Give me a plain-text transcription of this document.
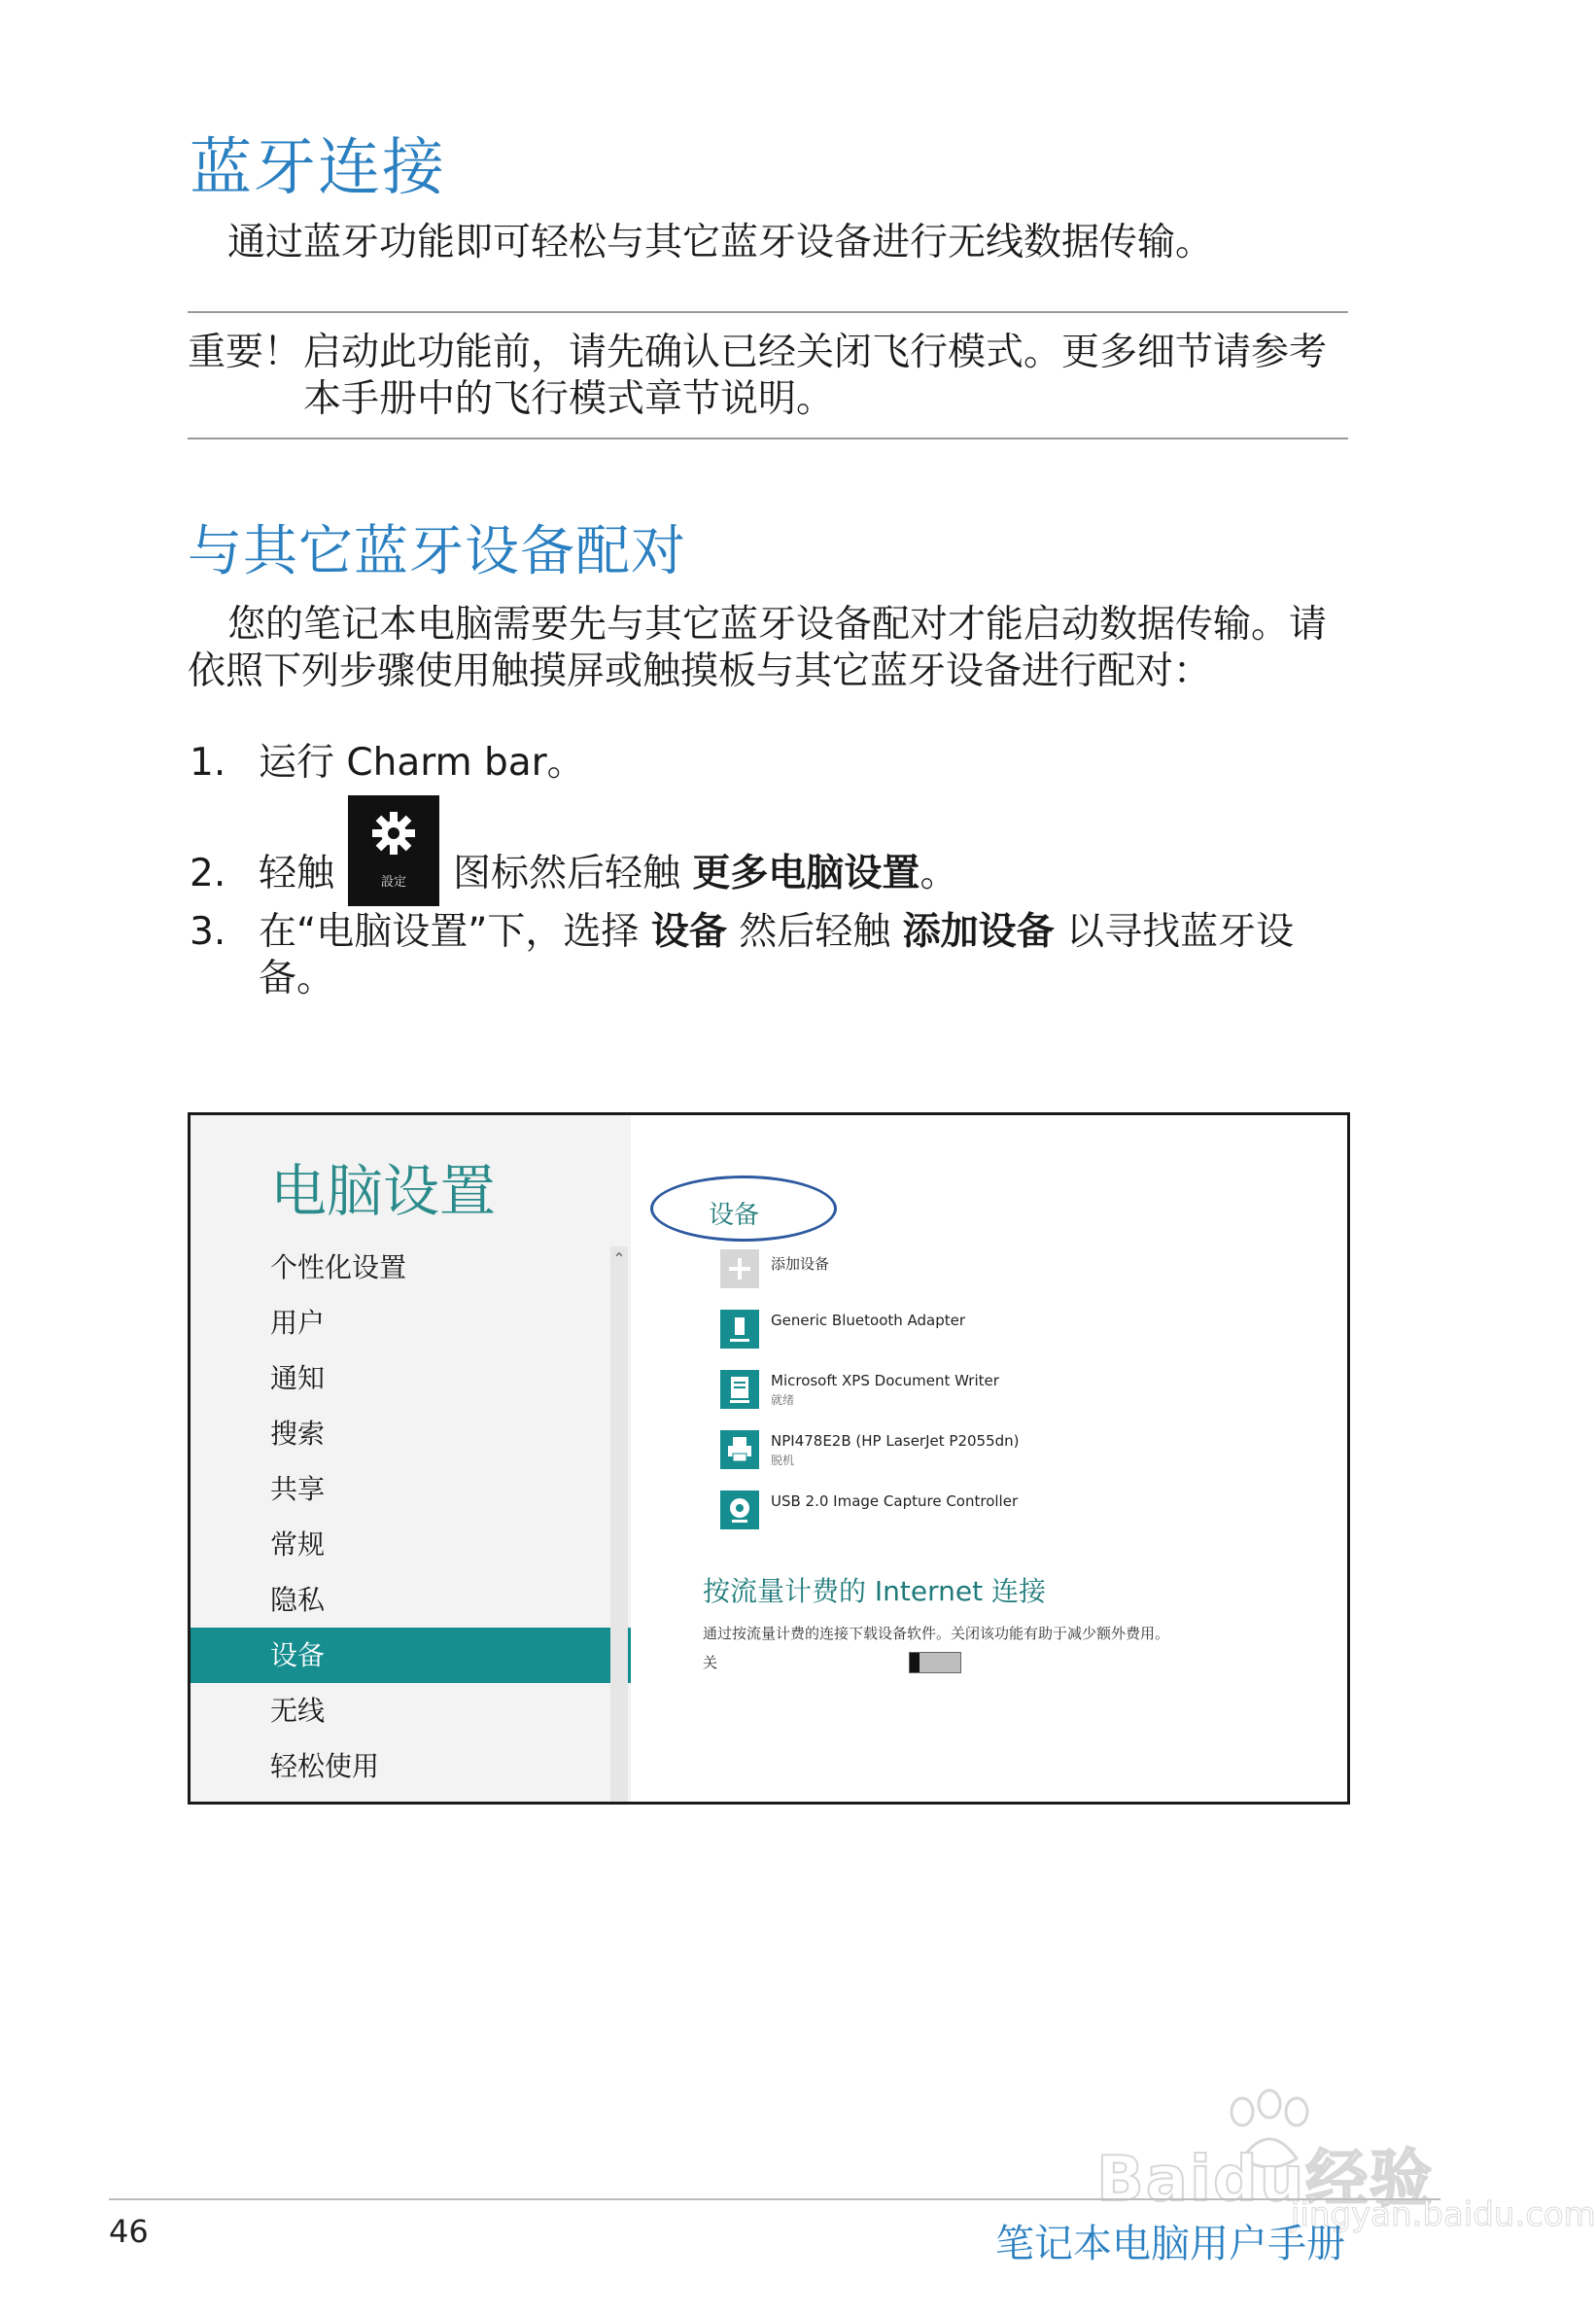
蓝牙连接
通过蓝牙功能即可轻松与其它蓝牙设备进行无线数据传输。
重要！ 启动此功能前，请先确认已经关闭飞行模式。更多细节请参考
本手册中的飞行模式章节说明。
与其它蓝牙设备配对
您的笔记本电脑需要先与其它蓝牙设备配对才能启动数据传输。请
依照下列步骤使用触摸屏或触摸板与其它蓝牙设备进行配对：
1. 运行 Charm bar。
2. 轻触	設定	图标然后轻触 更多电脑设置。
3. 在“电脑设置”下，选择 设备 然后轻触 添加设备 以寻找蓝牙设
备。
电脑设置
个性化设置
用户
通知
搜索
共享
常规
隐私
设备
无线
轻松使用
⌃
设备
添加设备
Generic Bluetooth Adapter
Microsoft XPS Document Writer
就绪
NPI478E2B (HP LaserJet P2055dn)
脱机
USB 2.0 Image Capture Controller
按流量计费的 Internet 连接
通过按流量计费的连接下载设备软件。关闭该功能有助于减少额外费用。
关
Baidu经验
jingyan.baidu.com
46	笔记本电脑用户手册
